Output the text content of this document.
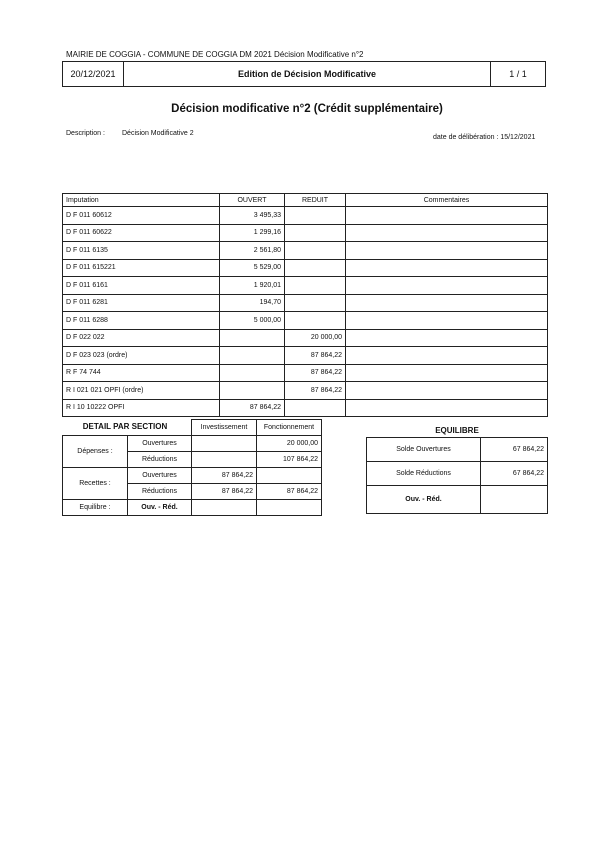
MAIRIE DE COGGIA - COMMUNE DE COGGIA DM 2021 Décision Modificative n°2
20/12/2021	Edition de Décision Modificative	1 / 1
Décision modificative n°2 (Crédit supplémentaire)
Description : Décision Modificative 2
date de délibération : 15/12/2021
Imputation	OUVERT	REDUIT	Commentaires
D F 011 60612	3 495,33		
D F 011 60622	1 299,16		
D F 011 6135	2 561,80		
D F 011 615221	5 529,00		
D F 011 6161	1 920,01		
D F 011 6281	194,70		
D F 011 6288	5 000,00		
D F 022 022		20 000,00	
D F 023 023 (ordre)		87 864,22	
R F 74 744		87 864,22	
R I 021 021 OPFI (ordre)		87 864,22	
R I 10 10222 OPFI	87 864,22		
DETAIL PAR SECTION
		Investissement	Fonctionnement
Dépenses :	Ouvertures		20 000,00
	Réductions		107 864,22
Recettes :	Ouvertures	87 864,22	
	Réductions	87 864,22	87 864,22
Equilibre :	Ouv. - Réd.		
EQUILIBRE
Solde Ouvertures	67 864,22
Solde Réductions	67 864,22
Ouv. - Réd.	
